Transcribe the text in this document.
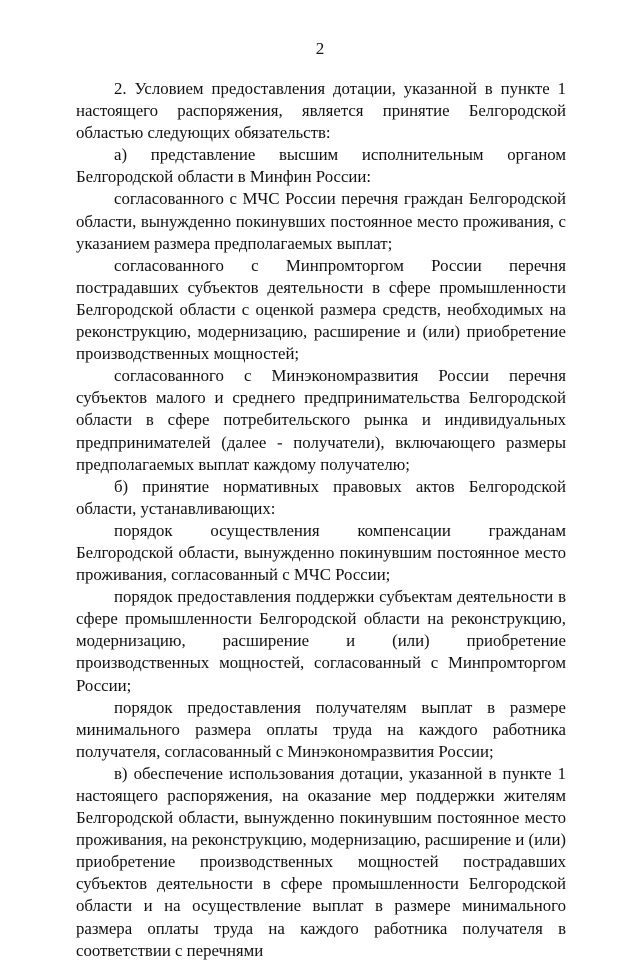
2

2. Условием предоставления дотации, указанной в пункте 1 настоящего распоряжения, является принятие Белгородской областью следующих обязательств:

а) представление высшим исполнительным органом Белгородской области в Минфин России:

согласованного с МЧС России перечня граждан Белгородской области, вынужденно покинувших постоянное место проживания, с указанием размера предполагаемых выплат;

согласованного с Минпромторгом России перечня пострадавших субъектов деятельности в сфере промышленности Белгородской области с оценкой размера средств, необходимых на реконструкцию, модернизацию, расширение и (или) приобретение производственных мощностей;

согласованного с Минэкономразвития России перечня субъектов малого и среднего предпринимательства Белгородской области в сфере потребительского рынка и индивидуальных предпринимателей (далее - получатели), включающего размеры предполагаемых выплат каждому получателю;

б) принятие нормативных правовых актов Белгородской области, устанавливающих:

порядок осуществления компенсации гражданам Белгородской области, вынужденно покинувшим постоянное место проживания, согласованный с МЧС России;

порядок предоставления поддержки субъектам деятельности в сфере промышленности Белгородской области на реконструкцию, модернизацию, расширение и (или) приобретение производственных мощностей, согласованный с Минпромторгом России;

порядок предоставления получателям выплат в размере минимального размера оплаты труда на каждого работника получателя, согласованный с Минэкономразвития России;

в) обеспечение использования дотации, указанной в пункте 1 настоящего распоряжения, на оказание мер поддержки жителям Белгородской области, вынужденно покинувшим постоянное место проживания, на реконструкцию, модернизацию, расширение и (или) приобретение производственных мощностей пострадавших субъектов деятельности в сфере промышленности Белгородской области и на осуществление выплат в размере минимального размера оплаты труда на каждого работника получателя в соответствии с перечнями
